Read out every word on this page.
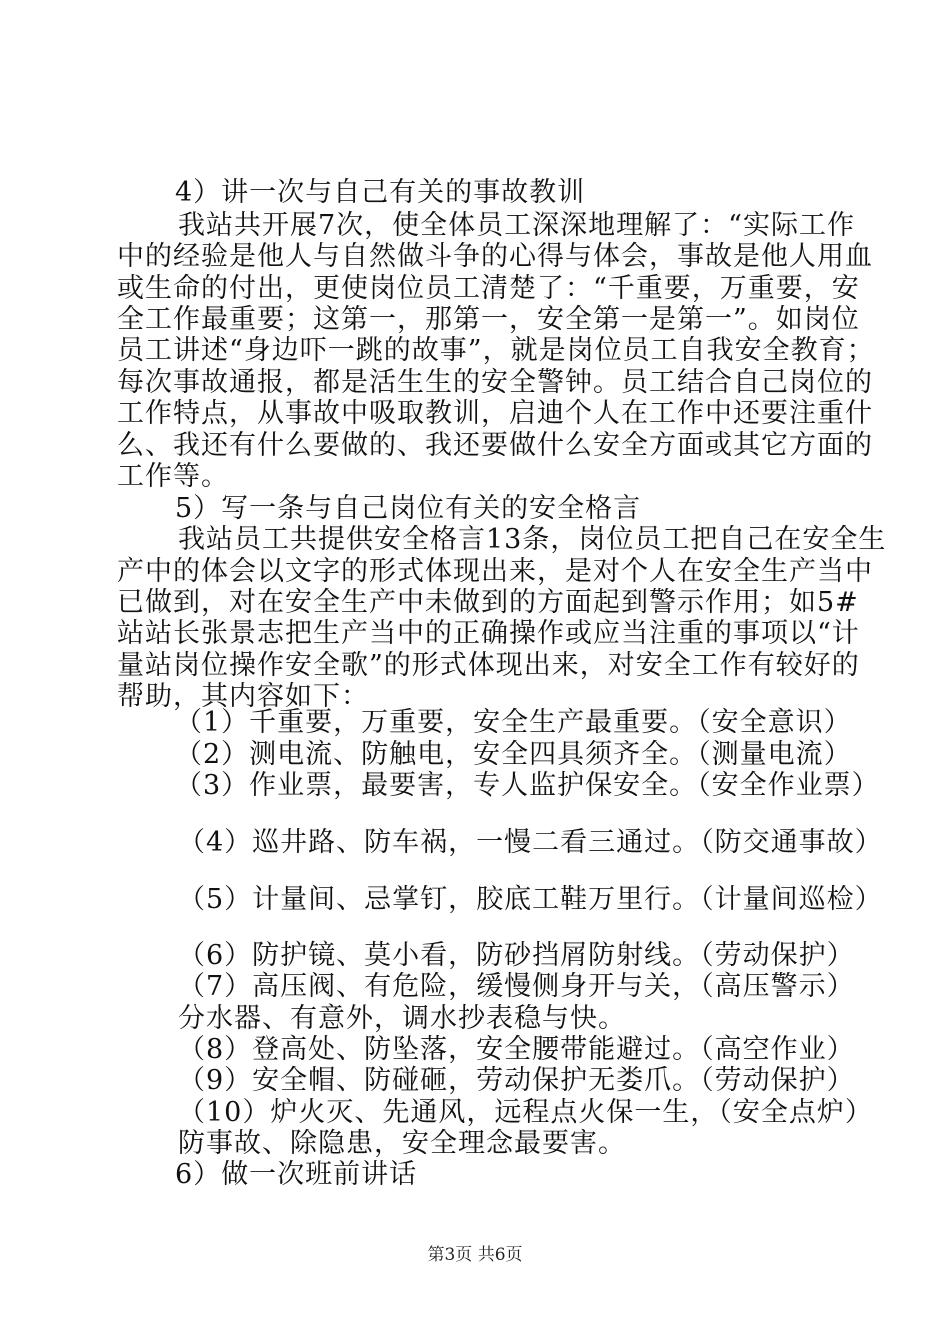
4）讲一次与自己有关的事故教训
我站共开展7次，使全体员工深深地理解了：“实际工作
中的经验是他人与自然做斗争的心得与体会，事故是他人用血
或生命的付出，更使岗位员工清楚了：“千重要，万重要，安
全工作最重要；这第一，那第一，安全第一是第一”。如岗位
员工讲述“身边吓一跳的故事”，就是岗位员工自我安全教育；
每次事故通报，都是活生生的安全警钟。员工结合自己岗位的
工作特点，从事故中吸取教训，启迪个人在工作中还要注重什
么、我还有什么要做的、我还要做什么安全方面或其它方面的
工作等。
5）写一条与自己岗位有关的安全格言
我站员工共提供安全格言13条，岗位员工把自己在安全生
产中的体会以文字的形式体现出来，是对个人在安全生产当中
已做到，对在安全生产中未做到的方面起到警示作用；如5#
站站长张景志把生产当中的正确操作或应当注重的事项以“计
量站岗位操作安全歌”的形式体现出来，对安全工作有较好的
帮助，其内容如下：
（1）千重要，万重要，安全生产最重要。（安全意识）
（2）测电流、防触电，安全四具须齐全。（测量电流）
（3）作业票，最要害，专人监护保安全。（安全作业票）
（4）巡井路、防车祸，一慢二看三通过。（防交通事故）
（5）计量间、忌掌钉，胶底工鞋万里行。（计量间巡检）
（6）防护镜、莫小看，防砂挡屑防射线。（劳动保护）
（7）高压阀、有危险，缓慢侧身开与关，（高压警示）
分水器、有意外，调水抄表稳与快。
（8）登高处、防坠落，安全腰带能避过。（高空作业）
（9）安全帽、防碰砸，劳动保护无娄爪。（劳动保护）
（10）炉火灭、先通风，远程点火保一生，（安全点炉）
防事故、除隐患，安全理念最要害。
6）做一次班前讲话
第3页 共6页
